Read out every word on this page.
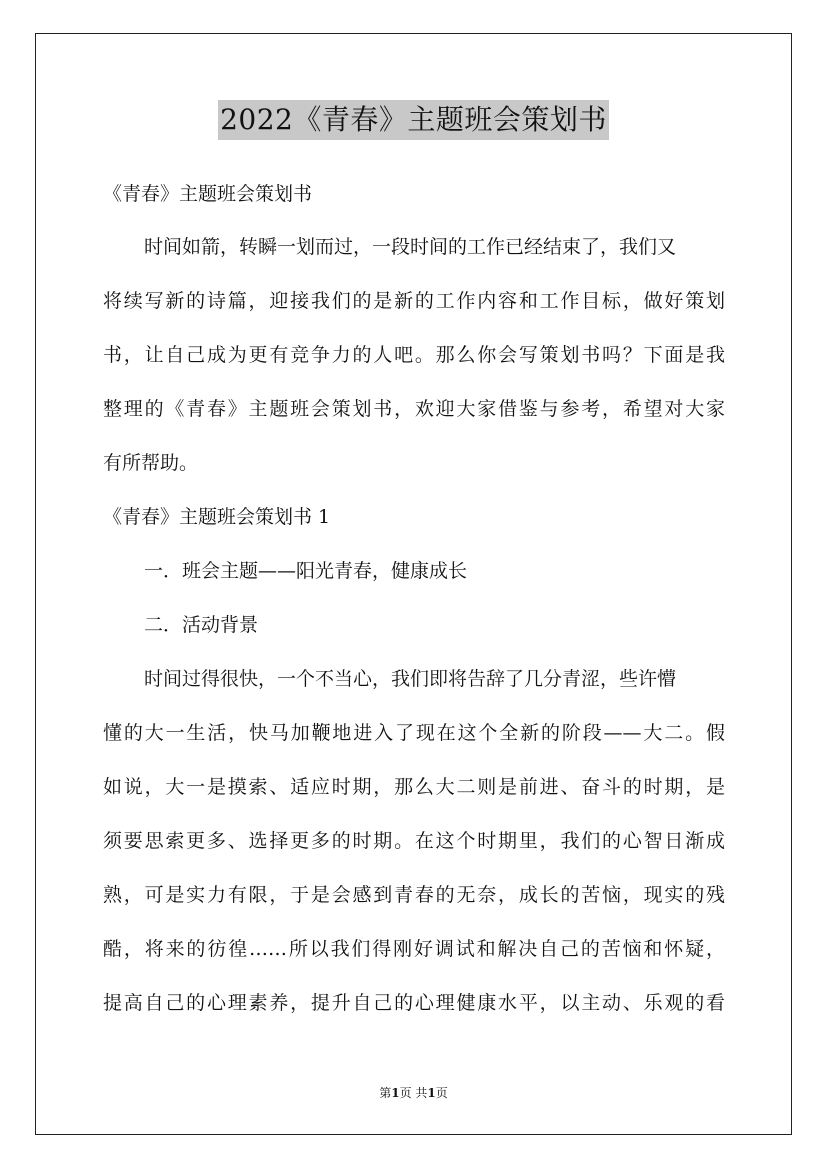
2022《青春》主题班会策划书
《青春》主题班会策划书
时间如箭，转瞬一划而过，一段时间的工作已经结束了，我们又
将续写新的诗篇，迎接我们的是新的工作内容和工作目标，做好策划
书，让自己成为更有竞争力的人吧。那么你会写策划书吗？下面是我
整理的《青春》主题班会策划书，欢迎大家借鉴与参考，希望对大家
有所帮助。
《青春》主题班会策划书 1
一．班会主题——阳光青春，健康成长
二．活动背景
时间过得很快，一个不当心，我们即将告辞了几分青涩，些许懵
懂的大一生活，快马加鞭地进入了现在这个全新的阶段——大二。假
如说，大一是摸索、适应时期，那么大二则是前进、奋斗的时期，是
须要思索更多、选择更多的时期。在这个时期里，我们的心智日渐成
熟，可是实力有限，于是会感到青春的无奈，成长的苦恼，现实的残
酷，将来的彷徨……所以我们得刚好调试和解决自己的苦恼和怀疑，
提高自己的心理素养，提升自己的心理健康水平，以主动、乐观的看
第1页 共1页
